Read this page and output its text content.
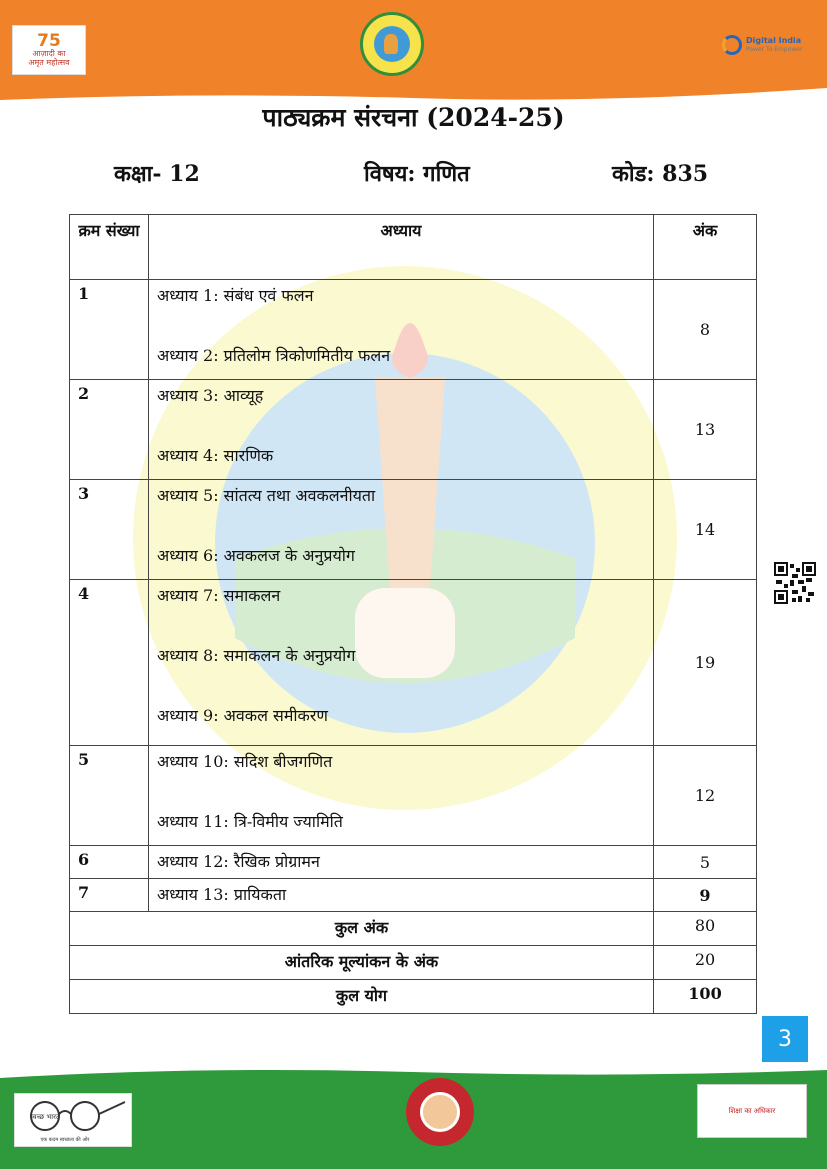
75
आज़ादी का
अमृत महोत्सव
Digital India
Power To Empower
पाठ्यक्रम संरचना (2024-25)
कक्षा- 12	विषय: गणित	कोड: 835
क्रम संख्या	अध्याय	अंक
1	अध्याय 1: संबंध एवं फलन
अध्याय 2: प्रतिलोम त्रिकोणमितीय फलन	8
2	अध्याय 3: आव्यूह
अध्याय 4: सारणिक	13
3	अध्याय 5: सांतत्य तथा अवकलनीयता
अध्याय 6: अवकलज के अनुप्रयोग	14
4	अध्याय 7: समाकलन
अध्याय 8: समाकलन के अनुप्रयोग
अध्याय 9: अवकल समीकरण	19
5	अध्याय 10: सदिश बीजगणित
अध्याय 11: त्रि-विमीय ज्यामिति	12
6	अध्याय 12: रैखिक प्रोग्रामन	5
7	अध्याय 13: प्रायिकता	9
कुल अंक		80
आंतरिक मूल्यांकन के अंक		20
कुल योग		100
3
स्वच्छ भारत
एक कदम स्वच्छता की ओर
शिक्षा का अधिकार
